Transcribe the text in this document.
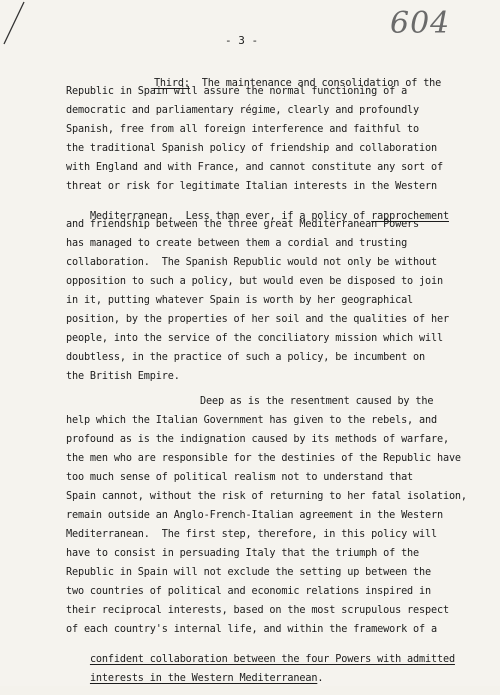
604
- 3 -

Third:  The maintenance and consolidation of the

Republic in Spain will assure the normal functioning of a
democratic and parliamentary régime, clearly and profoundly
Spanish, free from all foreign interference and faithful to
the traditional Spanish policy of friendship and collaboration
with England and with France, and cannot constitute any sort of
threat or risk for legitimate Italian interests in the Western

Mediterranean.  Less than ever, if a policy of rapprochement

and friendship between the three great Mediterranean Powers
has managed to create between them a cordial and trusting
collaboration.  The Spanish Republic would not only be without
opposition to such a policy, but would even be disposed to join
in it, putting whatever Spain is worth by her geographical
position, by the properties of her soil and the qualities of her
people, into the service of the conciliatory mission which will
doubtless, in the practice of such a policy, be incumbent on
the British Empire.
Deep as is the resentment caused by the
help which the Italian Government has given to the rebels, and
profound as is the indignation caused by its methods of warfare,
the men who are responsible for the destinies of the Republic have
too much sense of political realism not to understand that
Spain cannot, without the risk of returning to her fatal isolation,
remain outside an Anglo-French-Italian agreement in the Western
Mediterranean.  The first step, therefore, in this policy will
have to consist in persuading Italy that the triumph of the
Republic in Spain will not exclude the setting up between the
two countries of political and economic relations inspired in
their reciprocal interests, based on the most scrupulous respect
of each country's internal life, and within the framework of a

confident collaboration between the four Powers with admitted

interests in the Western Mediterranean.
